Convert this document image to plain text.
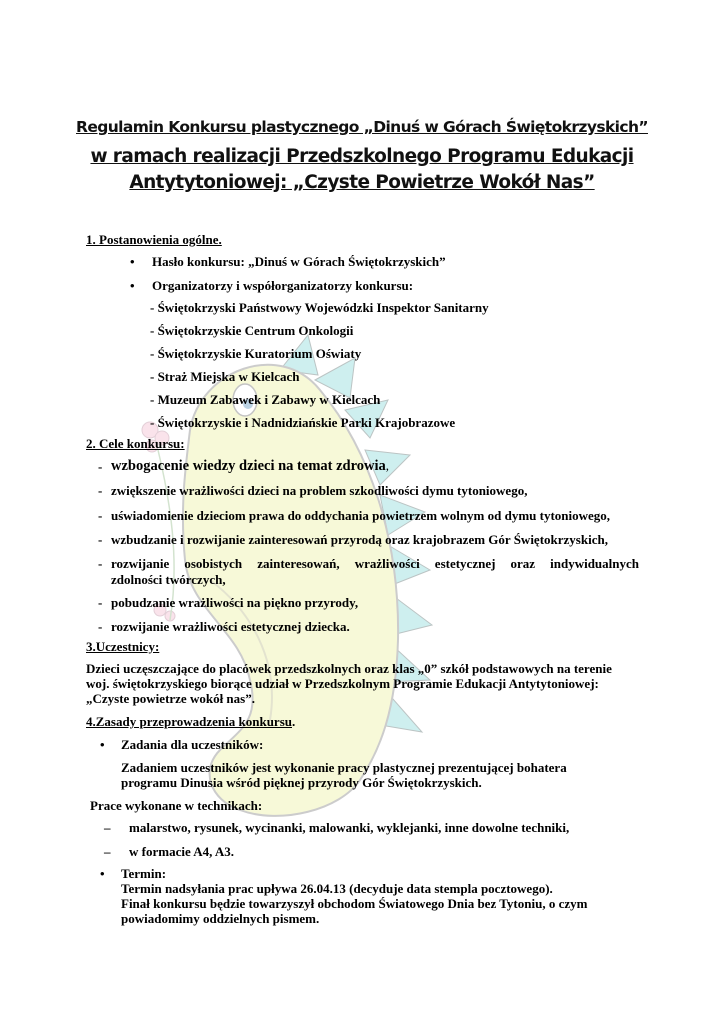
Regulamin Konkursu plastycznego „Dinuś w Górach Świętokrzyskich”
w ramach realizacji Przedszkolnego Programu Edukacji
Antytytoniowej: „Czyste Powietrze Wokół Nas”
1. Postanowienia ogólne.
• Hasło konkursu: „Dinuś w Górach Świętokrzyskich”
• Organizatorzy i współorganizatorzy konkursu:
- Świętokrzyski Państwowy Wojewódzki Inspektor Sanitarny
- Świętokrzyskie Centrum Onkologii
- Świętokrzyskie Kuratorium Oświaty
- Straż Miejska w Kielcach
- Muzeum Zabawek i Zabawy w Kielcach
- Świętokrzyskie i Nadnidziańskie Parki Krajobrazowe
2. Cele konkursu:
- wzbogacenie wiedzy dzieci na temat zdrowia,
- zwiększenie wrażliwości dzieci na problem szkodliwości dymu tytoniowego,
- uświadomienie dzieciom prawa do oddychania powietrzem wolnym od dymu tytoniowego,
- wzbudzanie i rozwijanie zainteresowań przyrodą oraz krajobrazem Gór Świętokrzyskich,
- rozwijanie osobistych zainteresowań, wrażliwości estetycznej oraz indywidualnych
zdolności twórczych,
- pobudzanie wrażliwości na piękno przyrody,
- rozwijanie wrażliwości estetycznej dziecka.
3.Uczestnicy:
Dzieci uczęszczające do placówek przedszkolnych oraz klas „0” szkół podstawowych na terenie
woj. świętokrzyskiego biorące udział w Przedszkolnym Programie Edukacji Antytytoniowej:
„Czyste powietrze wokół nas”.
4.Zasady przeprowadzenia konkursu.
• Zadania dla uczestników:
Zadaniem uczestników jest wykonanie pracy plastycznej prezentującej bohatera
programu Dinusia wśród pięknej przyrody Gór Świętokrzyskich.
Prace wykonane w technikach:
– malarstwo, rysunek, wycinanki, malowanki, wyklejanki, inne dowolne techniki,
– w formacie A4, A3.
• Termin:
Termin nadsyłania prac upływa 26.04.13 (decyduje data stempla pocztowego).
Finał konkursu będzie towarzyszył obchodom Światowego Dnia bez Tytoniu, o czym
powiadomimy oddzielnych pismem.
